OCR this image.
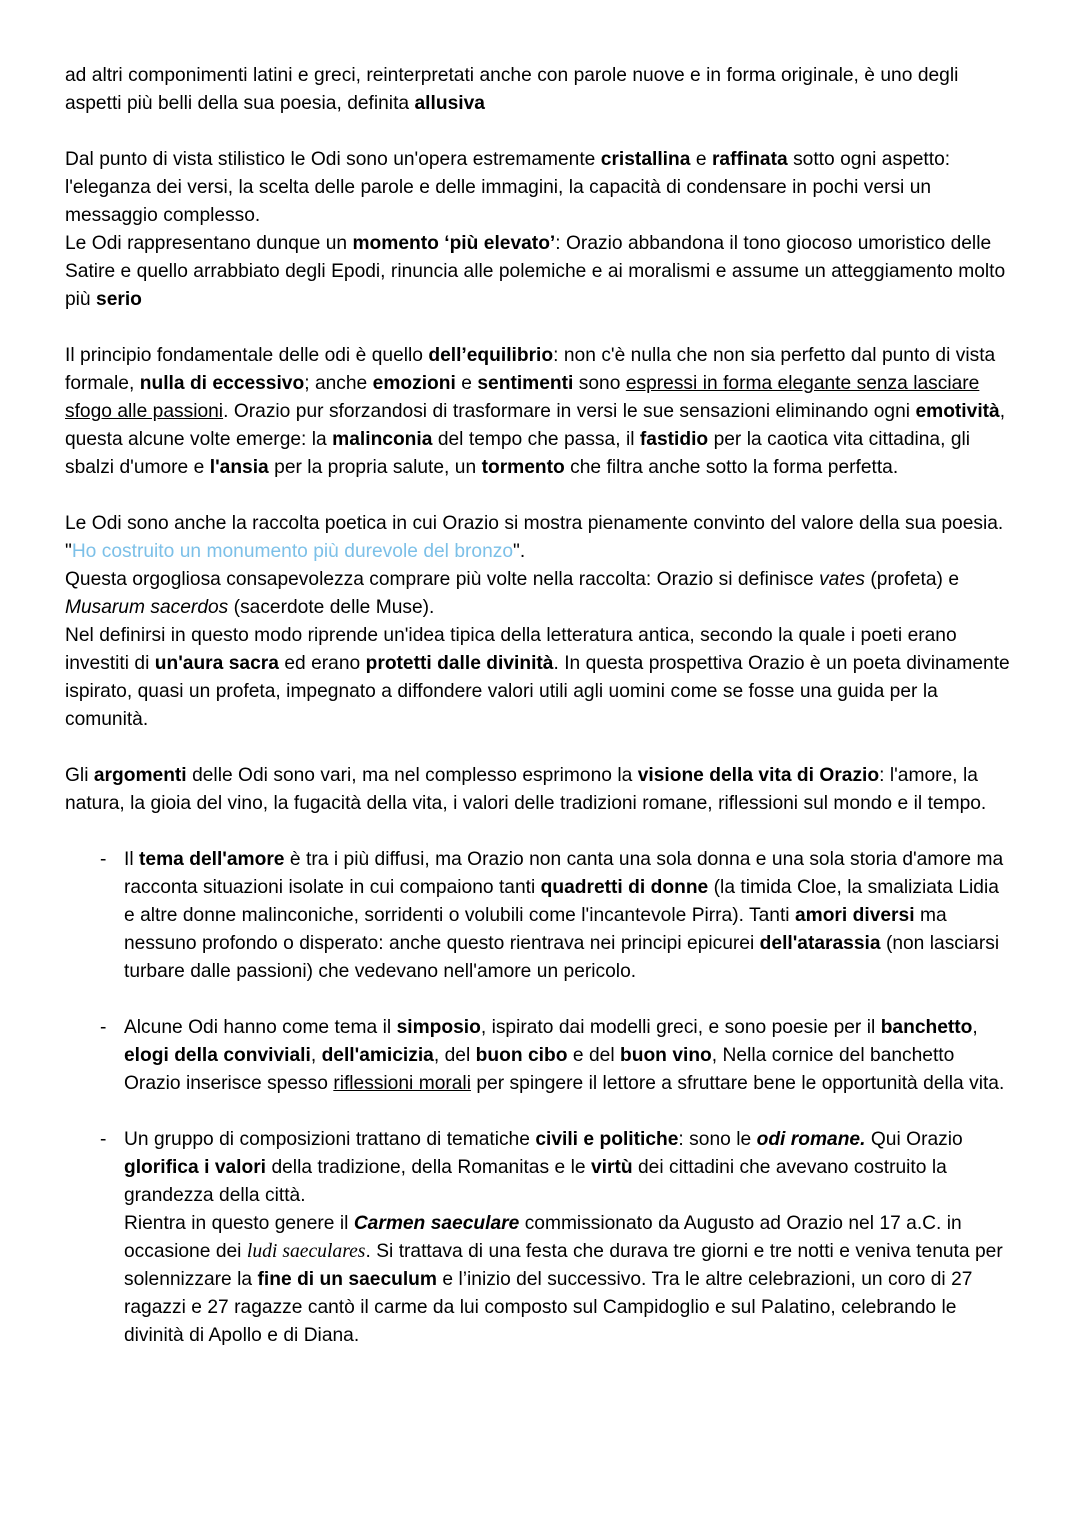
ad altri componimenti latini e greci, reinterpretati anche con parole nuove e in forma originale, è uno degli aspetti più belli della sua poesia, definita allusiva

Dal punto di vista stilistico le Odi sono un'opera estremamente cristallina e raffinata sotto ogni aspetto: l'eleganza dei versi, la scelta delle parole e delle immagini, la capacità di condensare in pochi versi un messaggio complesso.
Le Odi rappresentano dunque un momento ‘più elevato’: Orazio abbandona il tono giocoso umoristico delle Satire e quello arrabbiato degli Epodi, rinuncia alle polemiche e ai moralismi e assume un atteggiamento molto più serio

Il principio fondamentale delle odi è quello dell’equilibrio: non c'è nulla che non sia perfetto dal punto di vista formale, nulla di eccessivo; anche emozioni e sentimenti sono espressi in forma elegante senza lasciare sfogo alle passioni. Orazio pur sforzandosi di trasformare in versi le sue sensazioni eliminando ogni emotività, questa alcune volte emerge: la malinconia del tempo che passa, il fastidio per la caotica vita cittadina, gli sbalzi d'umore e l'ansia per la propria salute, un tormento che filtra anche sotto la forma perfetta.

Le Odi sono anche la raccolta poetica in cui Orazio si mostra pienamente convinto del valore della sua poesia. "Ho costruito un monumento più durevole del bronzo".
Questa orgogliosa consapevolezza comprare più volte nella raccolta: Orazio si definisce vates (profeta) e Musarum sacerdos (sacerdote delle Muse).
Nel definirsi in questo modo riprende un'idea tipica della letteratura antica, secondo la quale i poeti erano investiti di un'aura sacra ed erano protetti dalle divinità. In questa prospettiva Orazio è un poeta divinamente ispirato, quasi un profeta, impegnato a diffondere valori utili agli uomini come se fosse una guida per la comunità.

Gli argomenti delle Odi sono vari, ma nel complesso esprimono la visione della vita di Orazio: l'amore, la natura, la gioia del vino, la fugacità della vita, i valori delle tradizioni romane, riflessioni sul mondo e il tempo.

- Il tema dell'amore è tra i più diffusi, ma Orazio non canta una sola donna e una sola storia d'amore ma racconta situazioni isolate in cui compaiono tanti quadretti di donne (la timida Cloe, la smaliziata Lidia e altre donne malinconiche, sorridenti o volubili come l'incantevole Pirra). Tanti amori diversi ma nessuno profondo o disperato: anche questo rientrava nei principi epicurei dell'atarassia (non lasciarsi turbare dalle passioni) che vedevano nell'amore un pericolo.
- Alcune Odi hanno come tema il simposio, ispirato dai modelli greci, e sono poesie per il banchetto, elogi della conviviali, dell'amicizia, del buon cibo e del buon vino, Nella cornice del banchetto Orazio inserisce spesso riflessioni morali per spingere il lettore a sfruttare bene le opportunità della vita.
- Un gruppo di composizioni trattano di tematiche civili e politiche: sono le odi romane. Qui Orazio glorifica i valori della tradizione, della Romanitas e le virtù dei cittadini che avevano costruito la grandezza della città.
Rientra in questo genere il Carmen saeculare commissionato da Augusto ad Orazio nel 17 a.C. in occasione dei ludi saeculares. Si trattava di una festa che durava tre giorni e tre notti e veniva tenuta per solennizzare la fine di un saeculum e l’inizio del successivo. Tra le altre celebrazioni, un coro di 27 ragazzi e 27 ragazze cantò il carme da lui composto sul Campidoglio e sul Palatino, celebrando le divinità di Apollo e di Diana.
